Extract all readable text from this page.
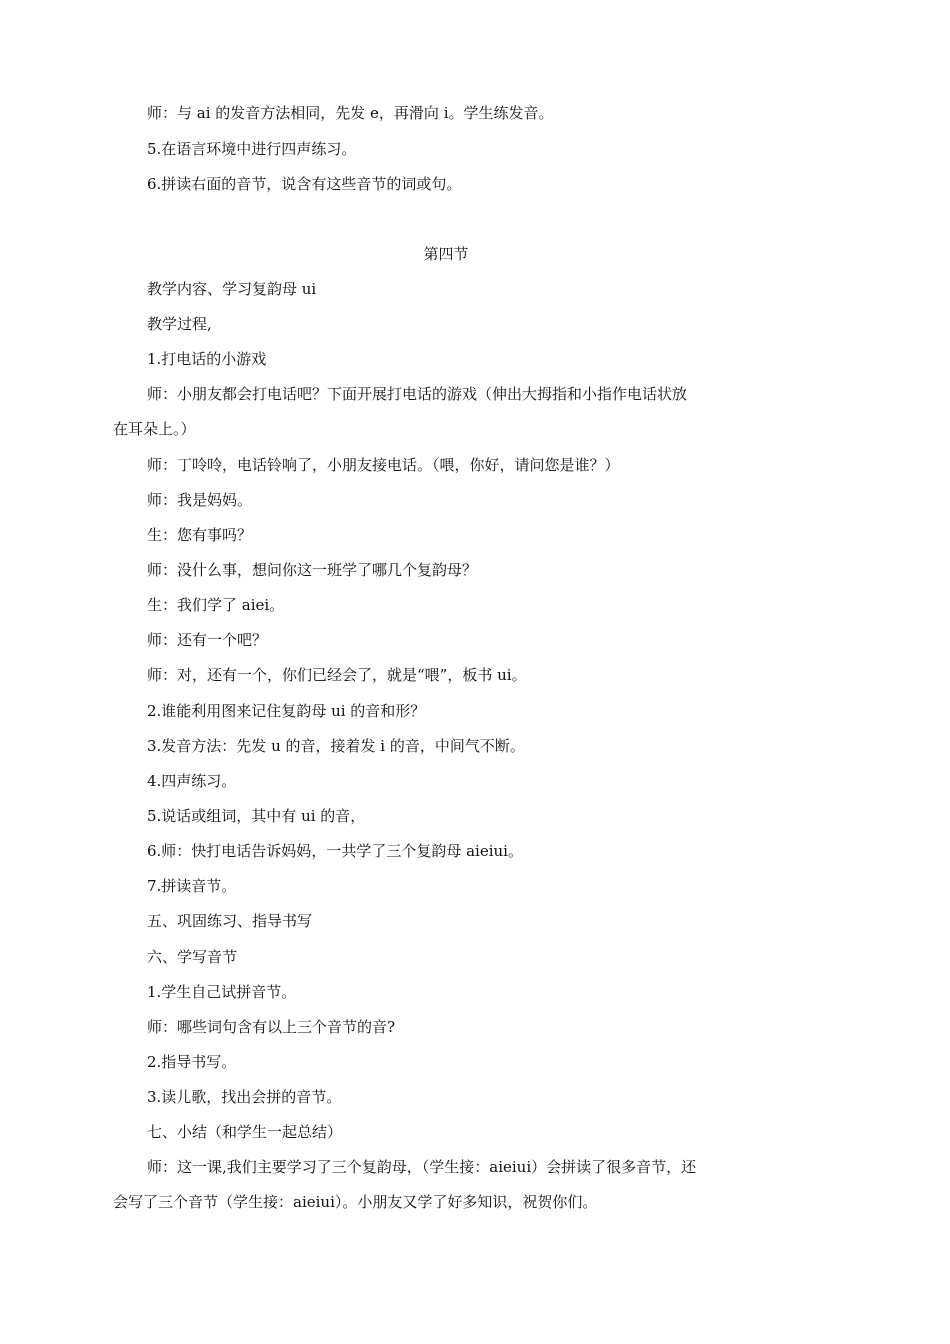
师：与 ai 的发音方法相同，先发 e，再滑向 i。学生练发音。
5.在语言环境中进行四声练习。
6.拼读右面的音节，说含有这些音节的词或句。
第四节
教学内容、学习复韵母 ui
教学过程,
1.打电话的小游戏
师：小朋友都会打电话吧？下面开展打电话的游戏（伸出大拇指和小指作电话状放
在耳朵上。）
师：丁呤呤，电话铃响了，小朋友接电话。（喂，你好，请问您是谁？）
师：我是妈妈。
生：您有事吗？
师：没什么事，想问你这一班学了哪几个复韵母？
生：我们学了 aiei。
师：还有一个吧？
师：对，还有一个，你们已经会了，就是“喂”，板书 ui。
2.谁能利用图来记住复韵母 ui 的音和形？
3.发音方法：先发 u 的音，接着发 i 的音，中间气不断。
4.四声练习。
5.说话或组词，其中有 ui 的音，
6.师：快打电话告诉妈妈，一共学了三个复韵母 aieiui。
7.拼读音节。
五、巩固练习、指导书写
六、学写音节
1.学生自己试拼音节。
师：哪些词句含有以上三个音节的音?
2.指导书写。
3.读儿歌，找出会拼的音节。
七、小结（和学生一起总结）
师：这一课,我们主要学习了三个复韵母，（学生接：aieiui）会拼读了很多音节，还
会写了三个音节（学生接：aieiui）。小朋友又学了好多知识，祝贺你们。
